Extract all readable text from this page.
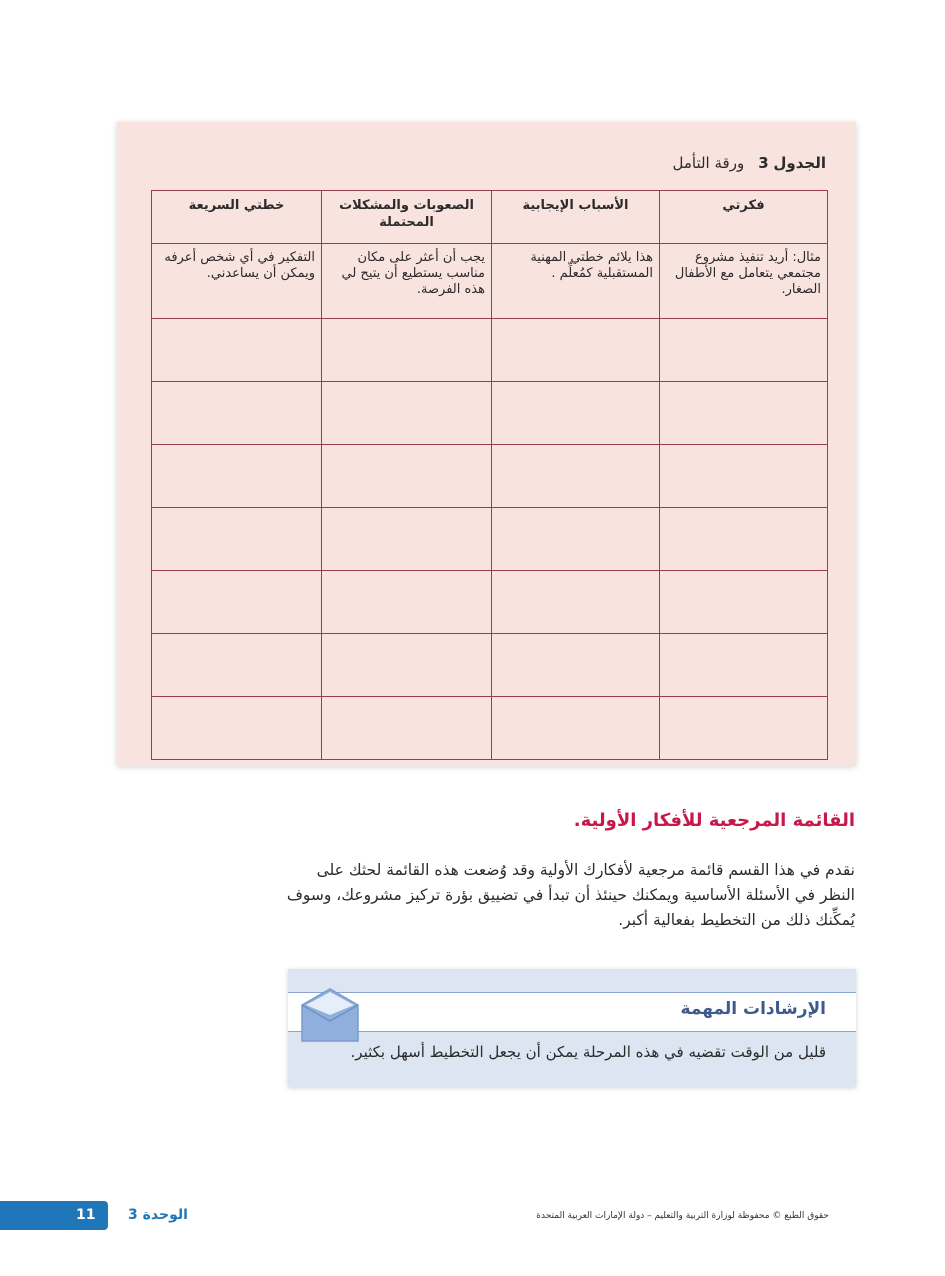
الجدول 3
ورقة التأمل
فكرتي	الأسباب الإيجابية	الصعوبات والمشكلات المحتملة	خطتي السريعة
مثال: أريد تنفيذ مشروع مجتمعي يتعامل مع الأطفال الصغار.	هذا يلائم خطتي المهنية المستقبلية كمُعلِّم .	يجب أن أعثر على مكان مناسب يستطيع أن يتيح لي هذه الفرصة.	التفكير في أي شخص أعرفه ويمكن أن يساعدني.

القائمة المرجعية للأفكار الأولية.
نقدم في هذا القسم قائمة مرجعية لأفكارك الأولية وقد وُضعت هذه القائمة لحثك على النظر في الأسئلة الأساسية ويمكنك حينئذ أن تبدأ في تضييق بؤرة تركيز مشروعك، وسوف يُمكِّنك ذلك من التخطيط بفعالية أكبر.
الإرشادات المهمة
قليل من الوقت تقضيه في هذه المرحلة يمكن أن يجعل التخطيط أسهل بكثير.
11 الوحدة 3	حقوق الطبع © محفوظة لوزارة التربية والتعليم – دولة الإمارات العربية المتحدة
